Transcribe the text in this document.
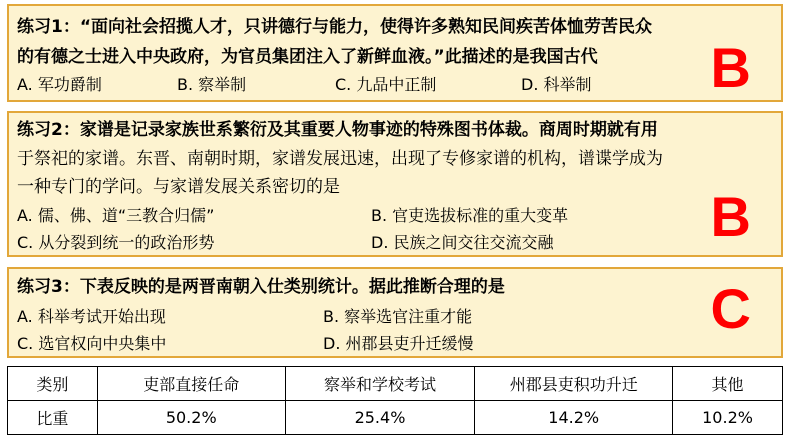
练习1：“面向社会招揽人才，只讲德行与能力，使得许多熟知民间疾苦体恤劳苦民众
的有德之士进入中央政府，为官员集团注入了新鲜血液。”此描述的是我国古代
A. 军功爵制	B. 察举制	C. 九品中正制	D. 科举制 B
练习2：家谱是记录家族世系繁衍及其重要人物事迹的特殊图书体裁。商周时期就有用
于祭祀的家谱。东晋、南朝时期，家谱发展迅速，出现了专修家谱的机构，谱谍学成为
一种专门的学问。与家谱发展关系密切的是
A. 儒、佛、道“三教合归儒”	B. 官吏选拔标准的重大变革
C. 从分裂到统一的政治形势	D. 民族之间交往交流交融	B
练习3：下表反映的是两晋南朝入仕类别统计。据此推断合理的是
A. 科举考试开始出现	B. 察举选官注重才能
C. 选官权向中央集中	D. 州郡县吏升迁缓慢
C
类别	吏部直接任命	察举和学校考试	州郡县吏积功升迁	其他
比重	50.2%	25.4%	14.2%	10.2%
